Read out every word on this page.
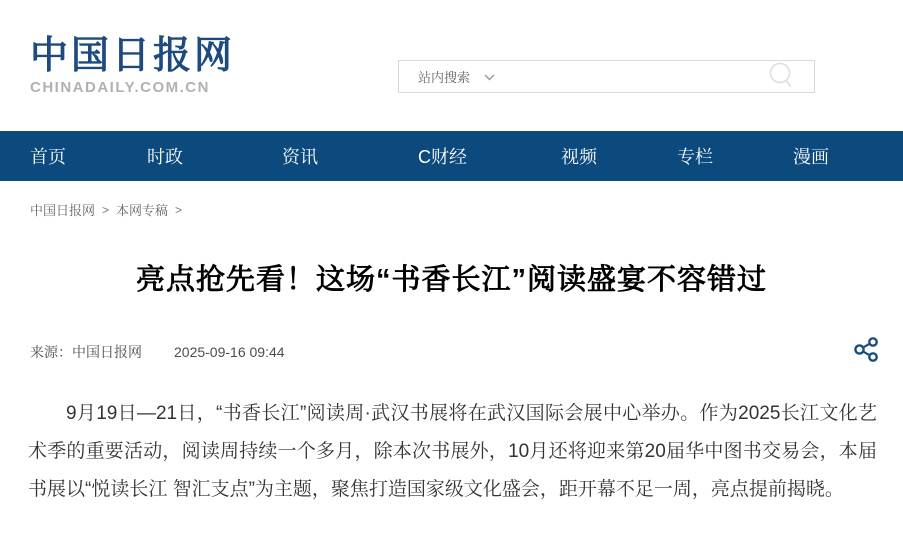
中国日报网
CHINADAILY.COM.CN
站内搜索
首页	时政	资讯	C财经	视频	专栏	漫画
中国日报网 > 本网专稿 >
亮点抢先看！这场“书香长江”阅读盛宴不容错过
来源： 中国日报网 2025-09-16 09:44

9月19日—21日，“书香长江”阅读周·武汉书展将在武汉国际会展中心举办。作为2025长江文化艺术季的重要活动，阅读周持续一个多月，除本次书展外，10月还将迎来第20届华中图书交易会，本届书展以“悦读长江 智汇支点”为主题，聚焦打造国家级文化盛会，距开幕不足一周，亮点提前揭晓。
